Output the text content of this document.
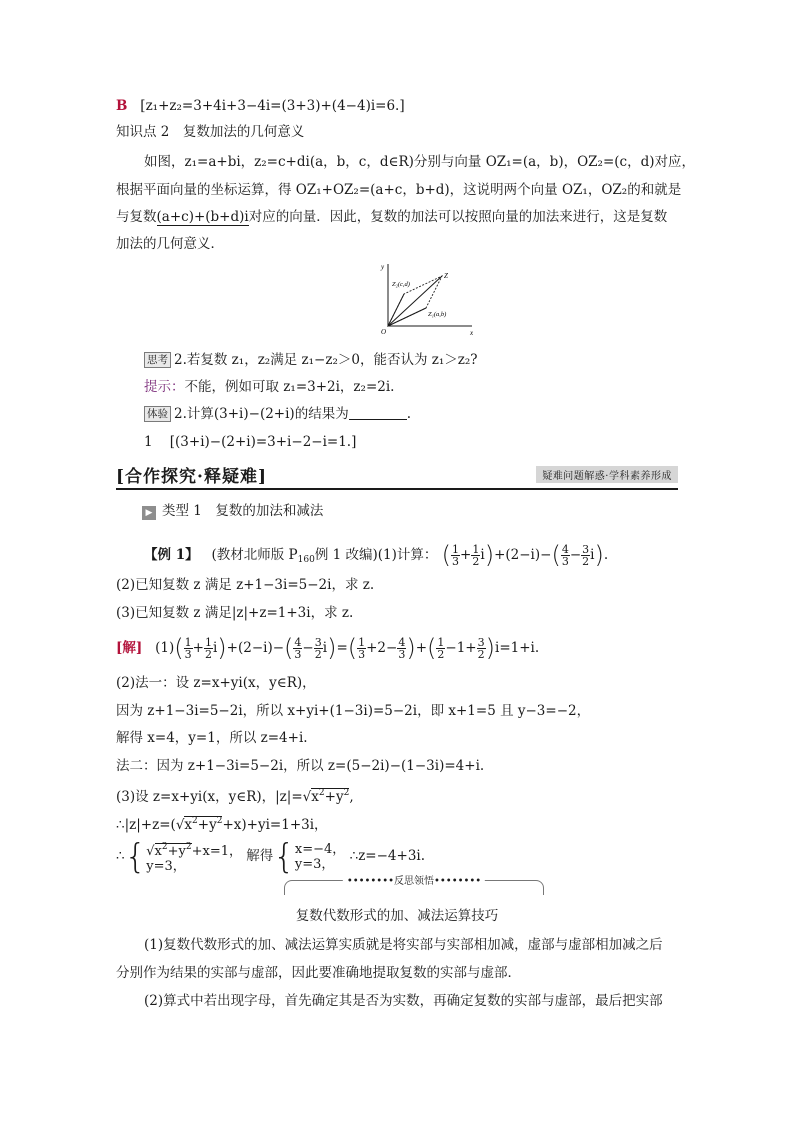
B [z₁+z₂=3+4i+3−4i=(3+3)+(4−4)i=6.]
知识点 2　复数加法的几何意义
如图，z₁=a+bi，z₂=c+di(a，b，c，d∈R)分别与向量 OZ₁=(a，b)，OZ₂=(c，d)对应，
根据平面向量的坐标运算，得 OZ₁+OZ₂=(a+c，b+d)，这说明两个向量 OZ₁，OZ₂的和就是
与复数(a+c)+(b+d)i对应的向量．因此，复数的加法可以按照向量的加法来进行，这是复数
加法的几何意义．
y
x
O
Z
Z₂(c,d)
Z₁(a,b)
思考 2.若复数 z₁，z₂满足 z₁−z₂＞0，能否认为 z₁＞z₂?
提示：不能，例如可取 z₁=3+2i，z₂=2i.
体验 2.计算(3+i)−(2+i)的结果为	.
1 [(3+i)−(2+i)=3+i−2−i=1.]
[合作探究·释疑难]	疑难问题解惑·学科素养形成
▶ 类型 1　复数的加法和减法
【例 1】 (教材北师版 $P_{160}$例 1 改编)(1)计算： ( $\frac{1}{3} + \frac{1}{2} i)+(2-i)-( \frac{4}{3} - \frac{3}{2} i)$.
(2)已知复数 z 满足 z+1−3i=5−2i，求 z.
(3)已知复数 z 满足|z|+z=1+3i，求 z.
[解]   $(1)( \frac{1}{3} + \frac{1}{2} i)+(2-i)-( \frac{4}{3} - \frac{3}{2} i)=( \frac{1}{3} +2- \frac{4}{3}$ )+( $\frac{1}{2} -1+ \frac{3}{2} )i=1+i$.
(2)法一：设 z=x+yi(x，y∈R)，
因为 z+1−3i=5−2i，所以 x+yi+(1−3i)=5−2i，即 x+1=5 且 y−3=−2，
解得 x=4，y=1，所以 z=4+i.
法二：因为 z+1−3i=5−2i，所以 z=(5−2i)−(1−3i)=4+i.
(3)设 z=x+yi(x，y∈R)，$|z|=√x^2+y^2$,
$\therefore|z|+z=(√x^2+y^2+x)+yi=1+3i$，
∴{ $√x^2+y^2+x=1$，
y=3，
解得{ x=−4，
y=3，	∴z=−4+3i.
••••••••反思领悟••••••••
复数代数形式的加、减法运算技巧
(1)复数代数形式的加、减法运算实质就是将实部与实部相加减，虚部与虚部相加减之后
分别作为结果的实部与虚部，因此要准确地提取复数的实部与虚部．
(2)算式中若出现字母，首先确定其是否为实数，再确定复数的实部与虚部，最后把实部
